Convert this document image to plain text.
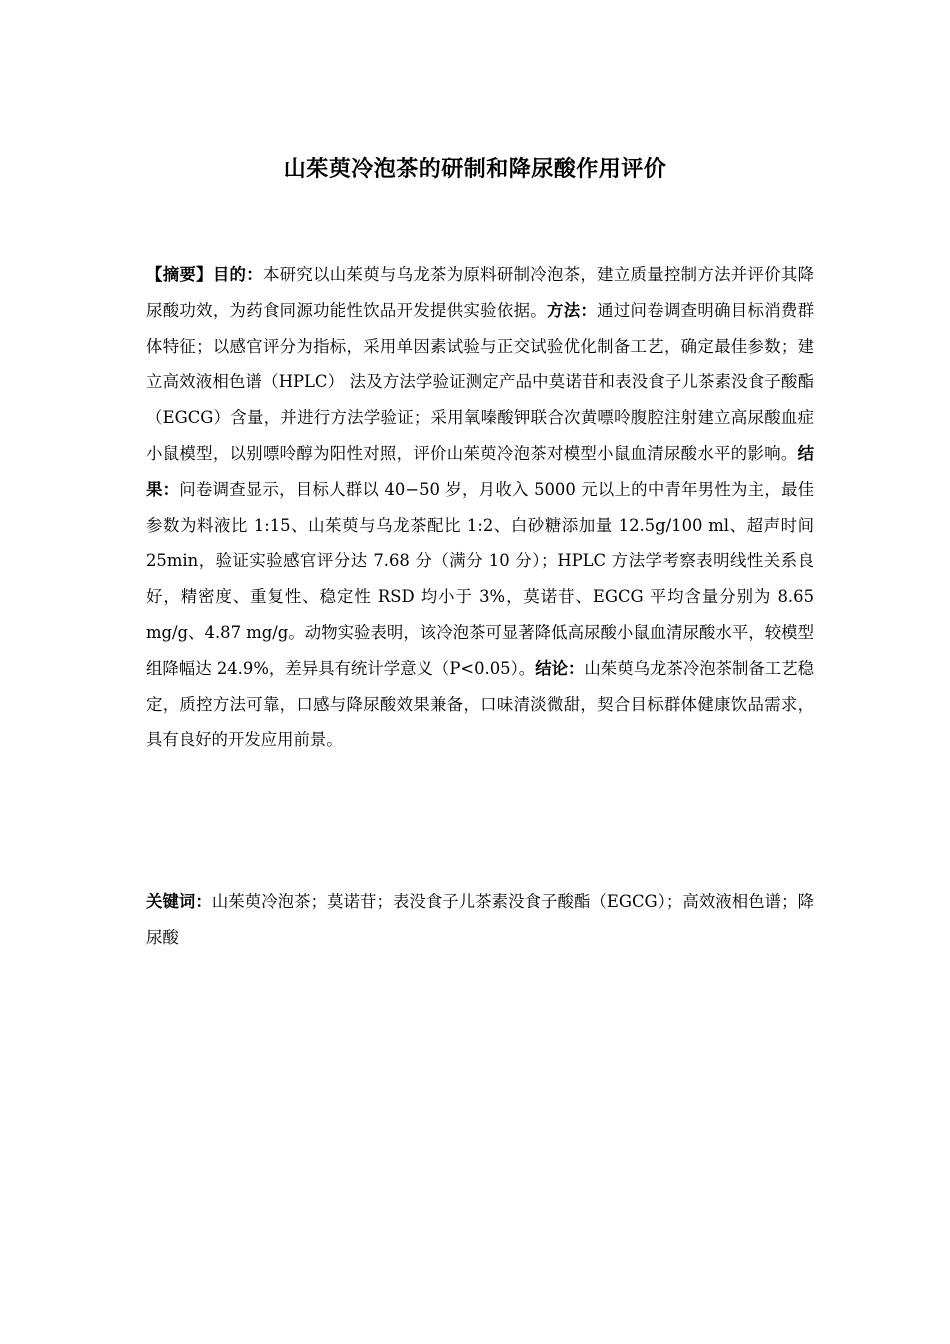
山茱萸冷泡茶的研制和降尿酸作用评价

【摘要】目的：本研究以山茱萸与乌龙茶为原料研制冷泡茶，建立质量控制方法并评价其降尿酸功效，为药食同源功能性饮品开发提供实验依据。方法：通过问卷调查明确目标消费群体特征；以感官评分为指标，采用单因素试验与正交试验优化制备工艺，确定最佳参数；建立高效液相色谱（HPLC） 法及方法学验证测定产品中莫诺苷和表没食子儿茶素没食子酸酯（EGCG）含量，并进行方法学验证；采用氧嗪酸钾联合次黄嘌呤腹腔注射建立高尿酸血症小鼠模型，以别嘌呤醇为阳性对照，评价山茱萸冷泡茶对模型小鼠血清尿酸水平的影响。结果：问卷调查显示，目标人群以 40−50 岁，月收入 5000 元以上的中青年男性为主，最佳参数为料液比 1:15、山茱萸与乌龙茶配比 1:2、白砂糖添加量 12.5g/100 ml、超声时间 25min，验证实验感官评分达 7.68 分（满分 10 分）；HPLC 方法学考察表明线性关系良好，精密度、重复性、稳定性 RSD 均小于 3%，莫诺苷、EGCG 平均含量分别为 8.65 mg/g、4.87 mg/g。动物实验表明，该冷泡茶可显著降低高尿酸小鼠血清尿酸水平，较模型组降幅达 24.9%，差异具有统计学意义（P<0.05）。结论：山茱萸乌龙茶冷泡茶制备工艺稳定，质控方法可靠，口感与降尿酸效果兼备，口味清淡微甜，契合目标群体健康饮品需求，具有良好的开发应用前景。

关键词：山茱萸冷泡茶；莫诺苷；表没食子儿茶素没食子酸酯（EGCG）；高效液相色谱；降尿酸
